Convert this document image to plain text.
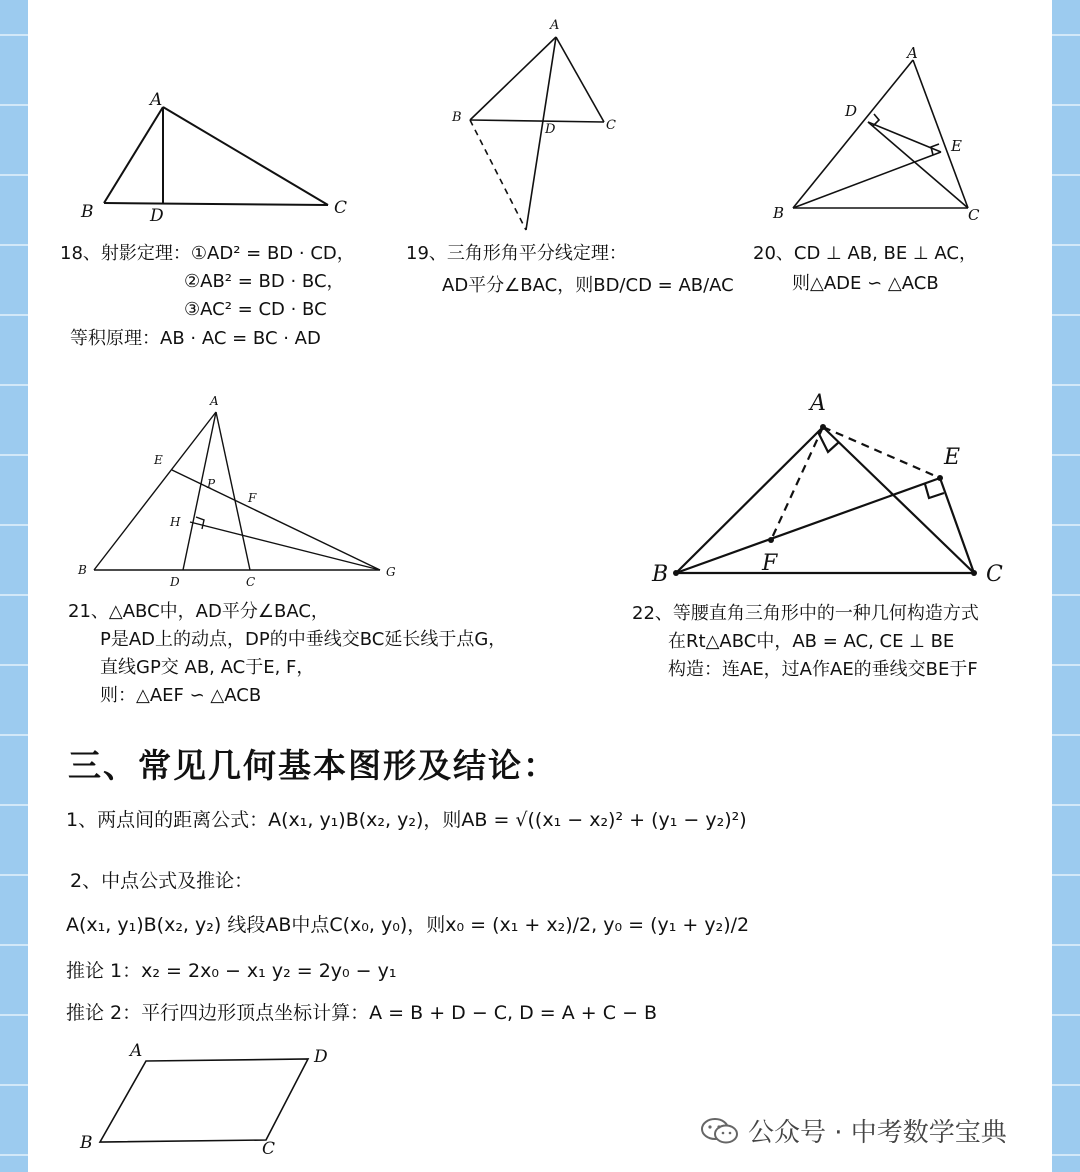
A
B	C
D
18、射影定理：①AD² = BD · CD，
②AB² = BD · BC，
③AC² = CD · BC
等积原理：AB · AC = BC · AD
A
B
C
D
19、三角形角平分线定理：
AD平分∠BAC，则BD/CD = AB/AC
A
B	C
D
E
20、CD ⊥ AB, BE ⊥ AC，
则△ADE ∽ △ACB
A
B
C
D
E
F
G
H
P
21、△ABC中，AD平分∠BAC，
P是AD上的动点，DP的中垂线交BC延长线于点G，
直线GP交 AB, AC于E, F，
则：△AEF ∽ △ACB
A
B	C
E
F
22、等腰直角三角形中的一种几何构造方式
在Rt△ABC中，AB = AC, CE ⊥ BE
构造：连AE，过A作AE的垂线交BE于F
三、常见几何基本图形及结论：
1、两点间的距离公式：A(x₁, y₁)B(x₂, y₂)，则AB = √((x₁ − x₂)² + (y₁ − y₂)²)
2、中点公式及推论：
A(x₁, y₁)B(x₂, y₂) 线段AB中点C(x₀, y₀)，则x₀ = (x₁ + x₂)/2, y₀ = (y₁ + y₂)/2
推论 1：x₂ = 2x₀ − x₁ y₂ = 2y₀ − y₁
推论 2：平行四边形顶点坐标计算：A = B + D − C, D = A + C − B
A
B	C
D
公众号 · 中考数学宝典
